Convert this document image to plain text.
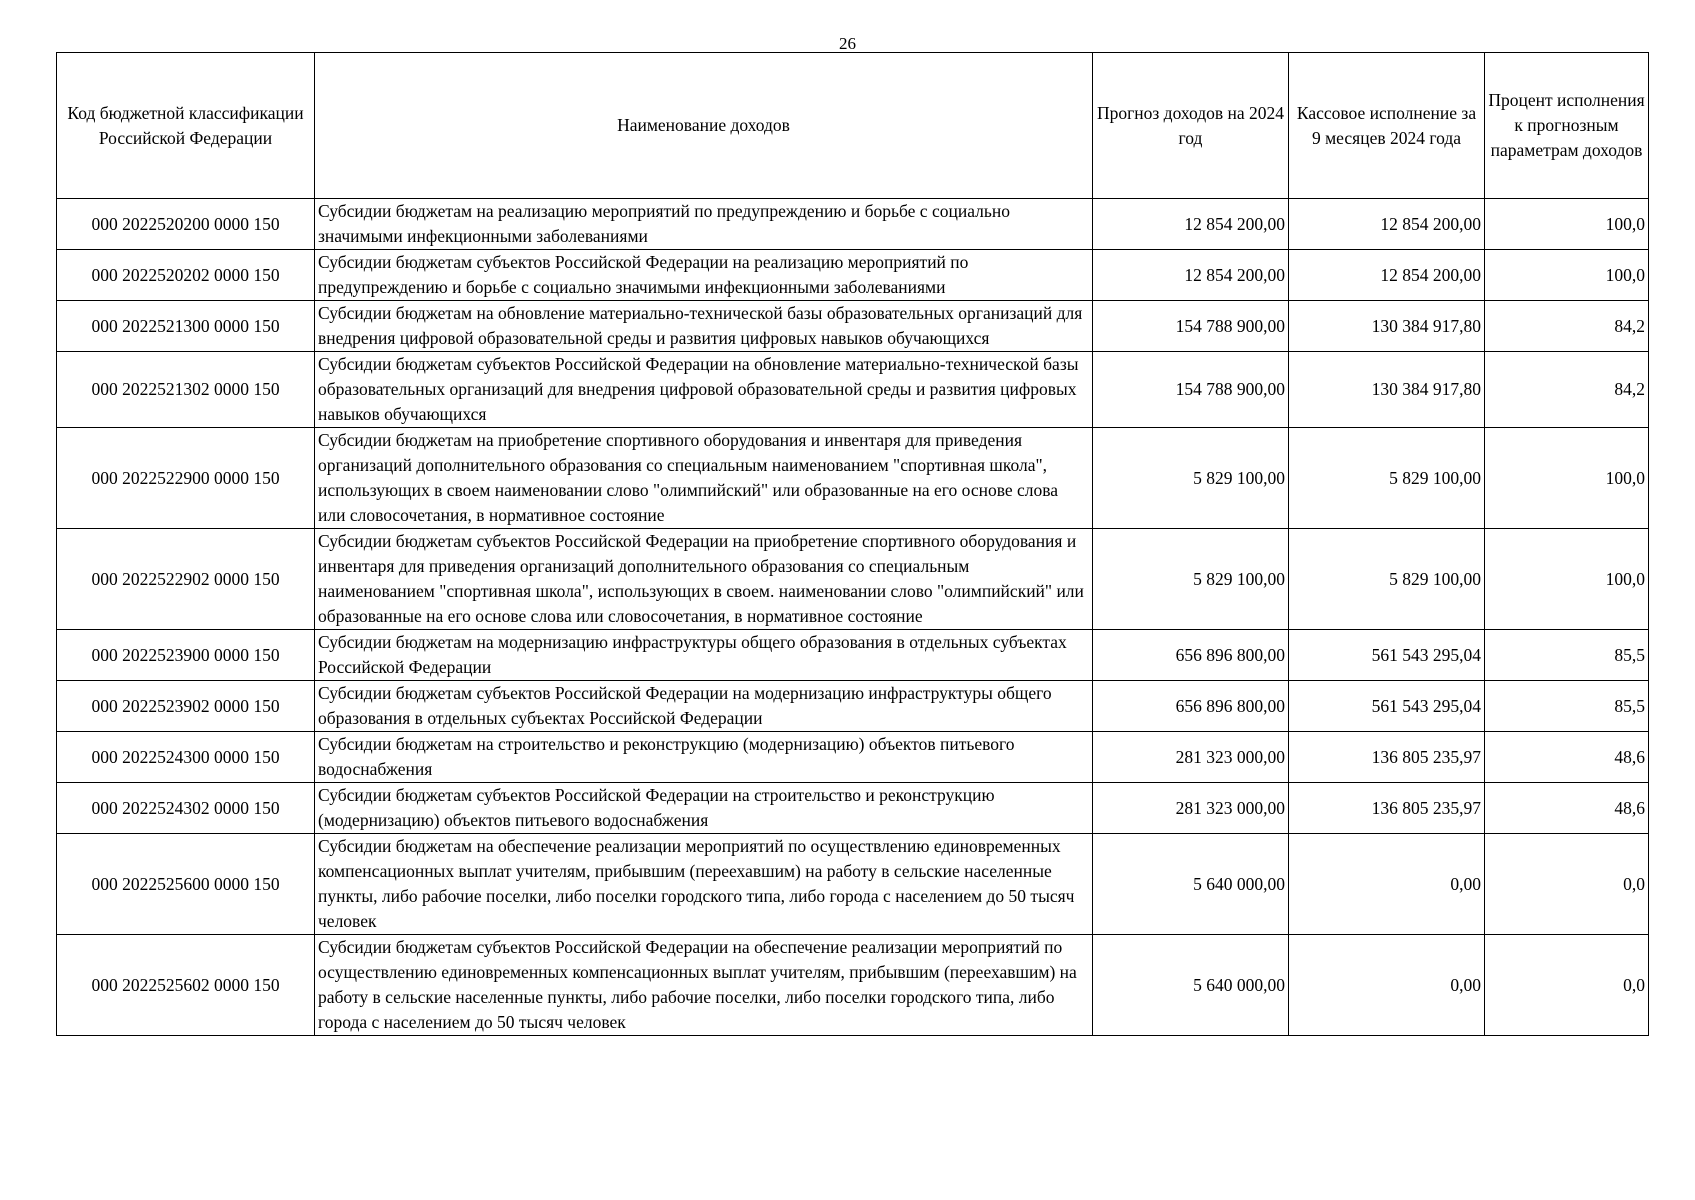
26
Код бюджетной классификации Российской Федерации	Наименование доходов	Прогноз доходов на 2024 год	Кассовое исполнение за 9 месяцев 2024 года	Процент исполнения к прогнозным параметрам доходов
000 2022520200 0000 150	Субсидии бюджетам на реализацию мероприятий по предупреждению и борьбе с социально значимыми инфекционными заболеваниями	12 854 200,00	12 854 200,00	100,0
000 2022520202 0000 150	Субсидии бюджетам субъектов Российской Федерации на реализацию мероприятий по предупреждению и борьбе с социально значимыми инфекционными заболеваниями	12 854 200,00	12 854 200,00	100,0
000 2022521300 0000 150	Субсидии бюджетам на обновление материально-технической базы образовательных организаций для внедрения цифровой образовательной среды и развития цифровых навыков обучающихся	154 788 900,00	130 384 917,80	84,2
000 2022521302 0000 150	Субсидии бюджетам субъектов Российской Федерации на обновление материально-технической базы образовательных организаций для внедрения цифровой образовательной среды и развития цифровых навыков обучающихся	154 788 900,00	130 384 917,80	84,2
000 2022522900 0000 150	Субсидии бюджетам на приобретение спортивного оборудования и инвентаря для приведения организаций дополнительного образования со специальным наименованием "спортивная школа", использующих в своем наименовании слово "олимпийский" или образованные на его основе слова или словосочетания, в нормативное состояние	5 829 100,00	5 829 100,00	100,0
000 2022522902 0000 150	Субсидии бюджетам субъектов Российской Федерации на приобретение спортивного оборудования и инвентаря для приведения организаций дополнительного образования со специальным наименованием "спортивная школа", использующих в своем. наименовании слово "олимпийский" или образованные на его основе слова или словосочетания, в нормативное состояние	5 829 100,00	5 829 100,00	100,0
000 2022523900 0000 150	Субсидии бюджетам на модернизацию инфраструктуры общего образования в отдельных субъектах Российской Федерации	656 896 800,00	561 543 295,04	85,5
000 2022523902 0000 150	Субсидии бюджетам субъектов Российской Федерации на модернизацию инфраструктуры общего образования в отдельных субъектах Российской Федерации	656 896 800,00	561 543 295,04	85,5
000 2022524300 0000 150	Субсидии бюджетам на строительство и реконструкцию (модернизацию) объектов питьевого водоснабжения	281 323 000,00	136 805 235,97	48,6
000 2022524302 0000 150	Субсидии бюджетам субъектов Российской Федерации на строительство и реконструкцию (модернизацию) объектов питьевого водоснабжения	281 323 000,00	136 805 235,97	48,6
000 2022525600 0000 150	Субсидии бюджетам на обеспечение реализации мероприятий по осуществлению единовременных компенсационных выплат учителям, прибывшим (переехавшим) на работу в сельские населенные пункты, либо рабочие поселки, либо поселки городского типа, либо города с населением до 50 тысяч человек	5 640 000,00	0,00	0,0
000 2022525602 0000 150	Субсидии бюджетам субъектов Российской Федерации на обеспечение реализации мероприятий по осуществлению единовременных компенсационных выплат учителям, прибывшим (переехавшим) на работу в сельские населенные пункты, либо рабочие поселки, либо поселки городского типа, либо города с населением до 50 тысяч человек	5 640 000,00	0,00	0,0
